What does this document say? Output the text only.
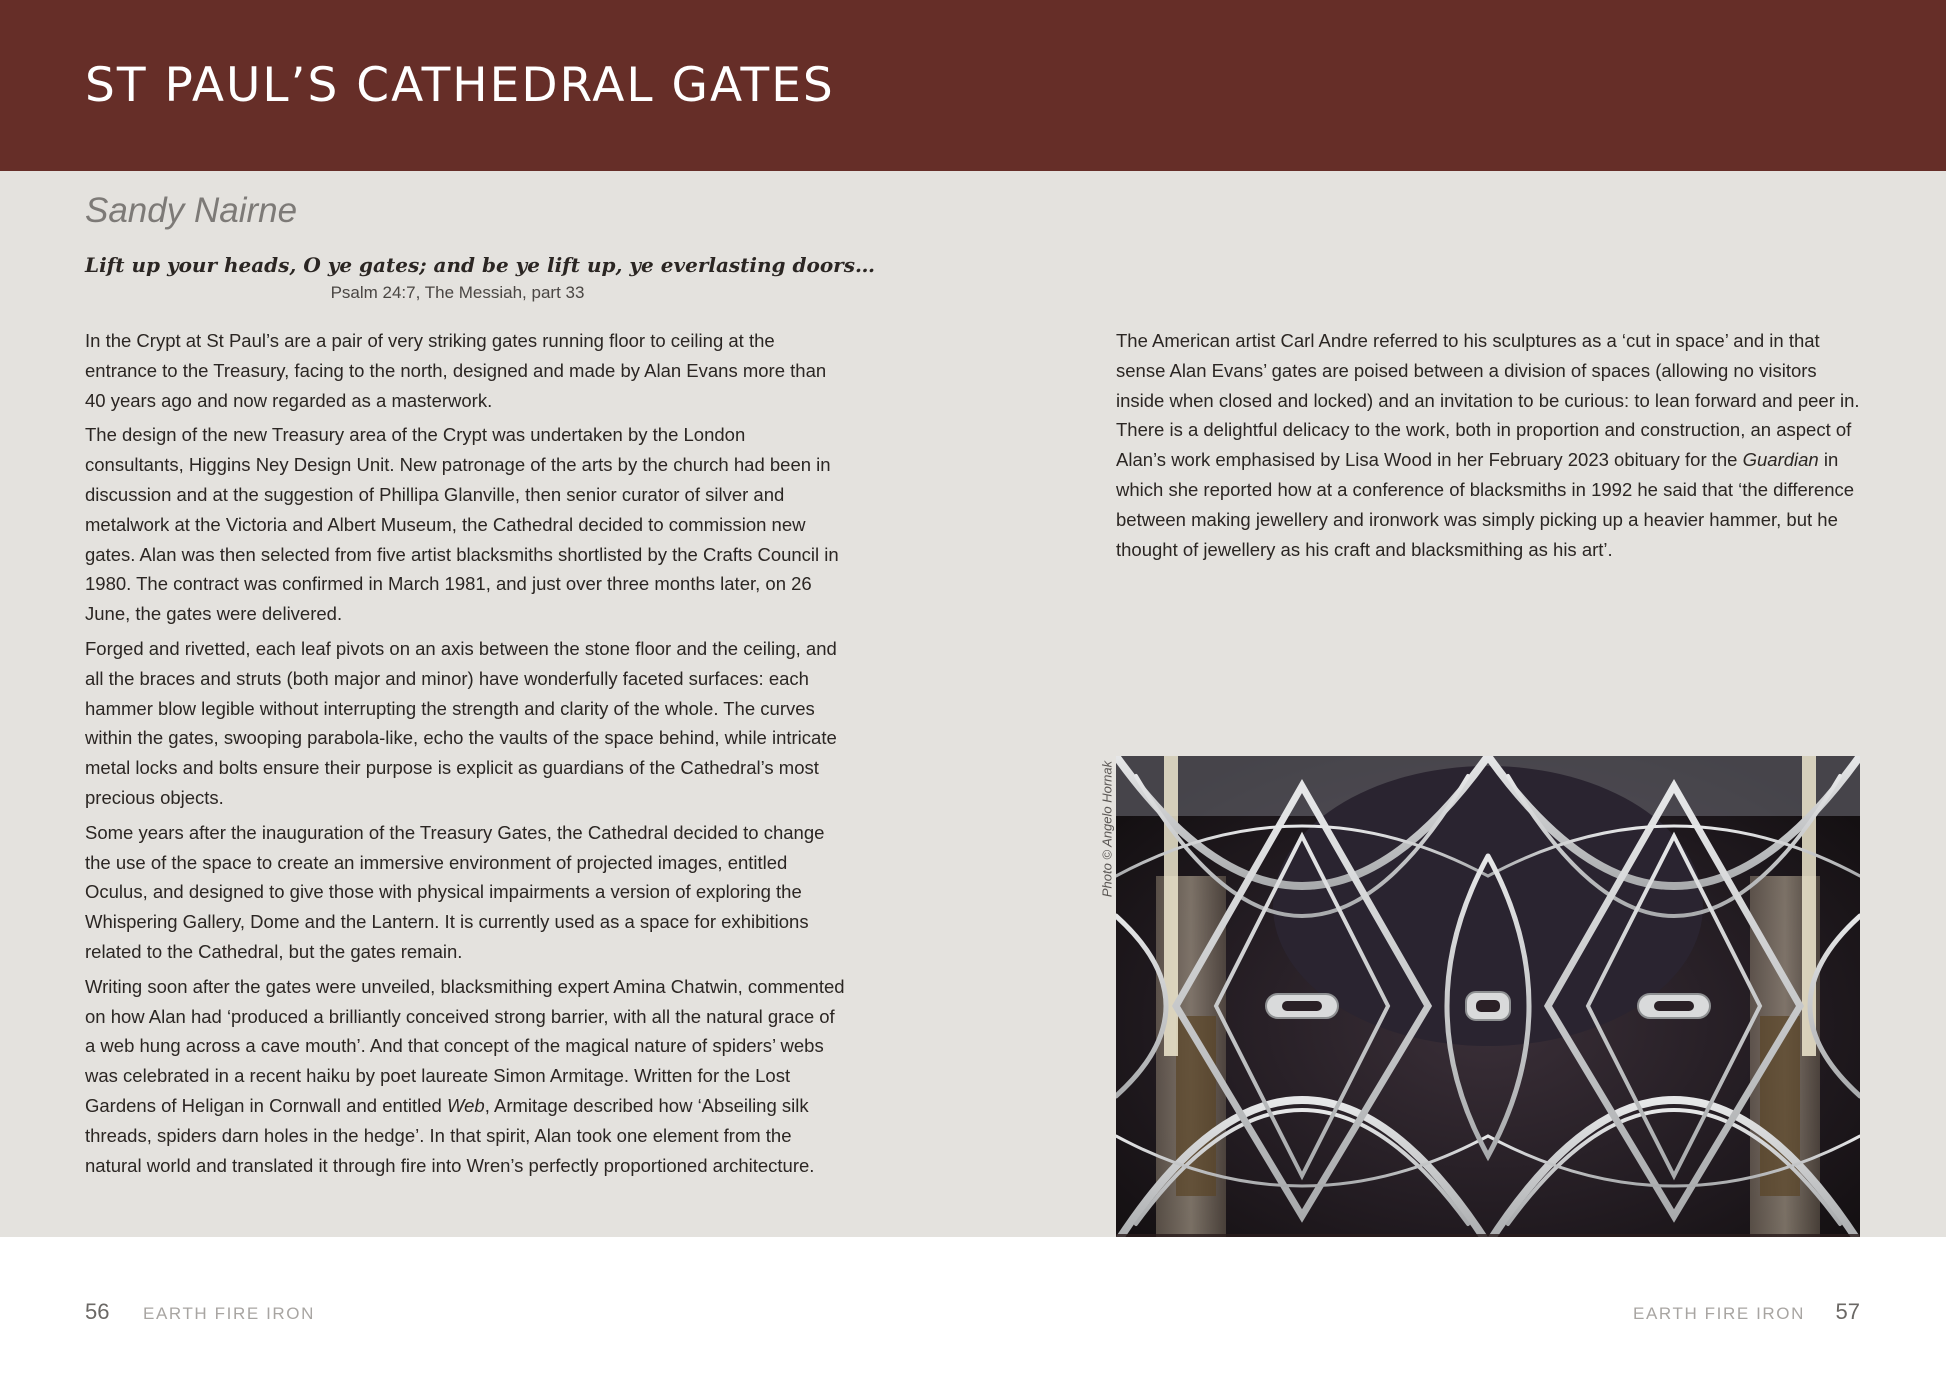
ST PAUL’S CATHEDRAL GATES
Sandy Nairne
Lift up your heads, O ye gates; and be ye lift up, ye everlasting doors…
Psalm 24:7, The Messiah, part 33

In the Crypt at St Paul’s are a pair of very striking gates running floor to ceiling at the entrance to the Treasury, facing to the north, designed and made by Alan Evans more than 40 years ago and now regarded as a masterwork.

The design of the new Treasury area of the Crypt was undertaken by the London consultants, Higgins Ney Design Unit. New patronage of the arts by the church had been in discussion and at the suggestion of Phillipa Glanville, then senior curator of silver and metalwork at the Victoria and Albert Museum, the Cathedral decided to commission new gates. Alan was then selected from five artist blacksmiths shortlisted by the Crafts Council in 1980. The contract was confirmed in March 1981, and just over three months later, on 26 June, the gates were delivered.

Forged and rivetted, each leaf pivots on an axis between the stone floor and the ceiling, and all the braces and struts (both major and minor) have wonderfully faceted surfaces: each hammer blow legible without interrupting the strength and clarity of the whole. The curves within the gates, swooping parabola-like, echo the vaults of the space behind, while intricate metal locks and bolts ensure their purpose is explicit as guardians of the Cathedral’s most precious objects.

Some years after the inauguration of the Treasury Gates, the Cathedral decided to change the use of the space to create an immersive environment of projected images, entitled Oculus, and designed to give those with physical impairments a version of exploring the Whispering Gallery, Dome and the Lantern. It is currently used as a space for exhibitions related to the Cathedral, but the gates remain.

Writing soon after the gates were unveiled, blacksmithing expert Amina Chatwin, commented on how Alan had ‘produced a brilliantly conceived strong barrier, with all the natural grace of a web hung across a cave mouth’. And that concept of the magical nature of spiders’ webs was celebrated in a recent haiku by poet laureate Simon Armitage. Written for the Lost Gardens of Heligan in Cornwall and entitled Web, Armitage described how ‘Abseiling silk threads, spiders darn holes in the hedge’. In that spirit, Alan took one element from the natural world and translated it through fire into Wren’s perfectly proportioned architecture.

The American artist Carl Andre referred to his sculptures as a ‘cut in space’ and in that sense Alan Evans’ gates are poised between a division of spaces (allowing no visitors inside when closed and locked) and an invitation to be curious: to lean forward and peer in. There is a delightful delicacy to the work, both in proportion and construction, an aspect of Alan’s work emphasised by Lisa Wood in her February 2023 obituary for the Guardian in which she reported how at a conference of blacksmiths in 1992 he said that ‘the difference between making jewellery and ironwork was simply picking up a heavier hammer, but he thought of jewellery as his craft and blacksmithing as his art’.

Photo © Angelo Hornak
56 EARTH FIRE IRON	EARTH FIRE IRON 57
